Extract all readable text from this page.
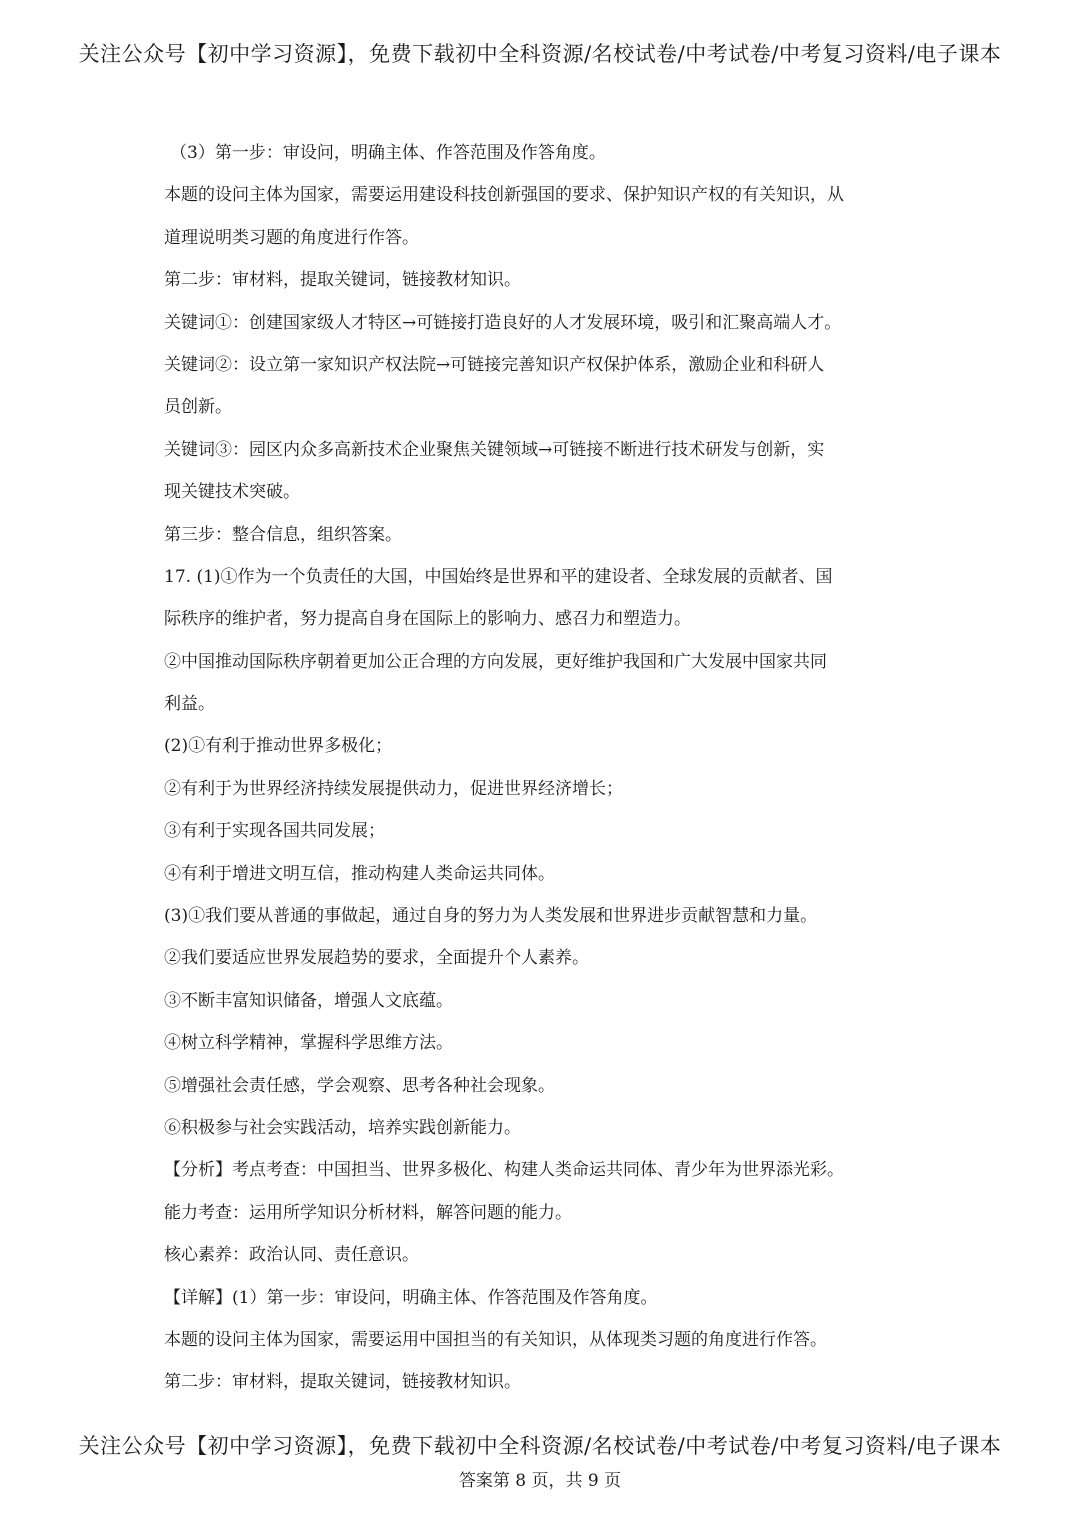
关注公众号【初中学习资源】，免费下载初中全科资源/名校试卷/中考试卷/中考复习资料/电子课本
（3）第一步：审设问，明确主体、作答范围及作答角度。
本题的设问主体为国家，需要运用建设科技创新强国的要求、保护知识产权的有关知识，从
道理说明类习题的角度进行作答。
第二步：审材料，提取关键词，链接教材知识。
关键词①：创建国家级人才特区→可链接打造良好的人才发展环境，吸引和汇聚高端人才。
关键词②：设立第一家知识产权法院→可链接完善知识产权保护体系，激励企业和科研人
员创新。
关键词③：园区内众多高新技术企业聚焦关键领域→可链接不断进行技术研发与创新，实
现关键技术突破。
第三步：整合信息，组织答案。
17. (1)①作为一个负责任的大国，中国始终是世界和平的建设者、全球发展的贡献者、国
际秩序的维护者，努力提高自身在国际上的影响力、感召力和塑造力。
②中国推动国际秩序朝着更加公正合理的方向发展，更好维护我国和广大发展中国家共同
利益。
(2)①有利于推动世界多极化；
②有利于为世界经济持续发展提供动力，促进世界经济增长；
③有利于实现各国共同发展；
④有利于增进文明互信，推动构建人类命运共同体。
(3)①我们要从普通的事做起，通过自身的努力为人类发展和世界进步贡献智慧和力量。
②我们要适应世界发展趋势的要求，全面提升个人素养。
③不断丰富知识储备，增强人文底蕴。
④树立科学精神，掌握科学思维方法。
⑤增强社会责任感，学会观察、思考各种社会现象。
⑥积极参与社会实践活动，培养实践创新能力。
【分析】考点考查：中国担当、世界多极化、构建人类命运共同体、青少年为世界添光彩。
能力考查：运用所学知识分析材料，解答问题的能力。
核心素养：政治认同、责任意识。
【详解】(1）第一步：审设问，明确主体、作答范围及作答角度。
本题的设问主体为国家，需要运用中国担当的有关知识，从体现类习题的角度进行作答。
第二步：审材料，提取关键词，链接教材知识。
关注公众号【初中学习资源】，免费下载初中全科资源/名校试卷/中考试卷/中考复习资料/电子课本
答案第 8 页，共 9 页
